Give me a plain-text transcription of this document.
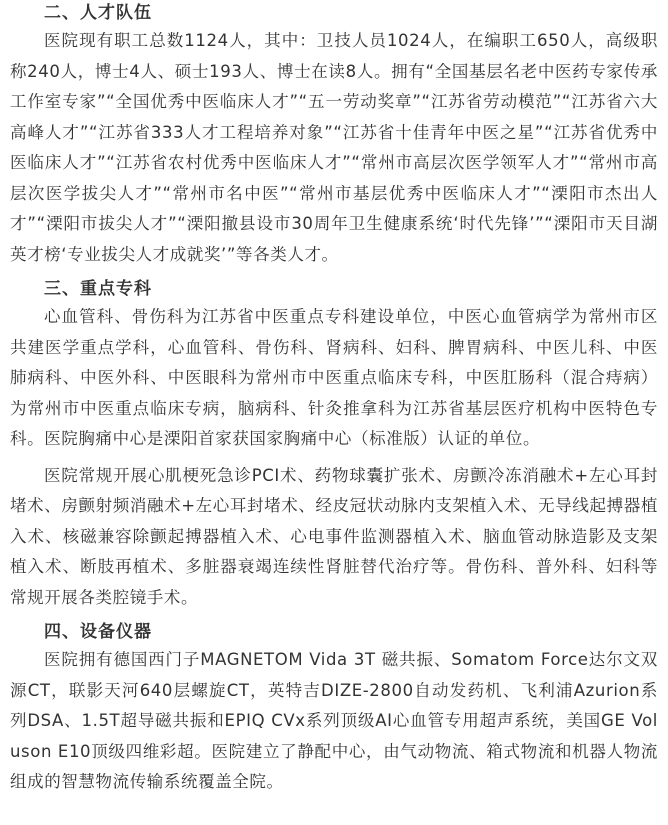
二、人才队伍

医院现有职工总数1124人，其中：卫技人员1024人，在编职工650人，高级职称240人，博士4人、硕士193人、博士在读8人。拥有“全国基层名老中医药专家传承工作室专家”“全国优秀中医临床人才”“五一劳动奖章”“江苏省劳动模范”“江苏省六大高峰人才”“江苏省333人才工程培养对象”“江苏省十佳青年中医之星”“江苏省优秀中医临床人才”“江苏省农村优秀中医临床人才”“常州市高层次医学领军人才”“常州市高层次医学拔尖人才”“常州市名中医”“常州市基层优秀中医临床人才”“溧阳市杰出人才”“溧阳市拔尖人才”“溧阳撤县设市30周年卫生健康系统‘时代先锋’”“溧阳市天目湖英才榜‘专业拔尖人才成就奖’”等各类人才。

三、重点专科

心血管科、骨伤科为江苏省中医重点专科建设单位，中医心血管病学为常州市区共建医学重点学科，心血管科、骨伤科、肾病科、妇科、脾胃病科、中医儿科、中医肺病科、中医外科、中医眼科为常州市中医重点临床专科，中医肛肠科（混合痔病）为常州市中医重点临床专病，脑病科、针灸推拿科为江苏省基层医疗机构中医特色专科。医院胸痛中心是溧阳首家获国家胸痛中心（标准版）认证的单位。

医院常规开展心肌梗死急诊PCI术、药物球囊扩张术、房颤冷冻消融术+左心耳封堵术、房颤射频消融术+左心耳封堵术、经皮冠状动脉内支架植入术、无导线起搏器植入术、核磁兼容除颤起搏器植入术、心电事件监测器植入术、脑血管动脉造影及支架植入术、断肢再植术、多脏器衰竭连续性肾脏替代治疗等。骨伤科、普外科、妇科等常规开展各类腔镜手术。

四、设备仪器

医院拥有德国西门子MAGNETOM Vida 3T 磁共振、Somatom Force达尔文双源CT，联影天河640层螺旋CT，英特吉DIZE-2800自动发药机、飞利浦Azurion系列DSA、1.5T超导磁共振和EPIQ CVx系列顶级AI心血管专用超声系统，美国GE Voluson E10顶级四维彩超。医院建立了静配中心，由气动物流、箱式物流和机器人物流组成的智慧物流传输系统覆盖全院。
